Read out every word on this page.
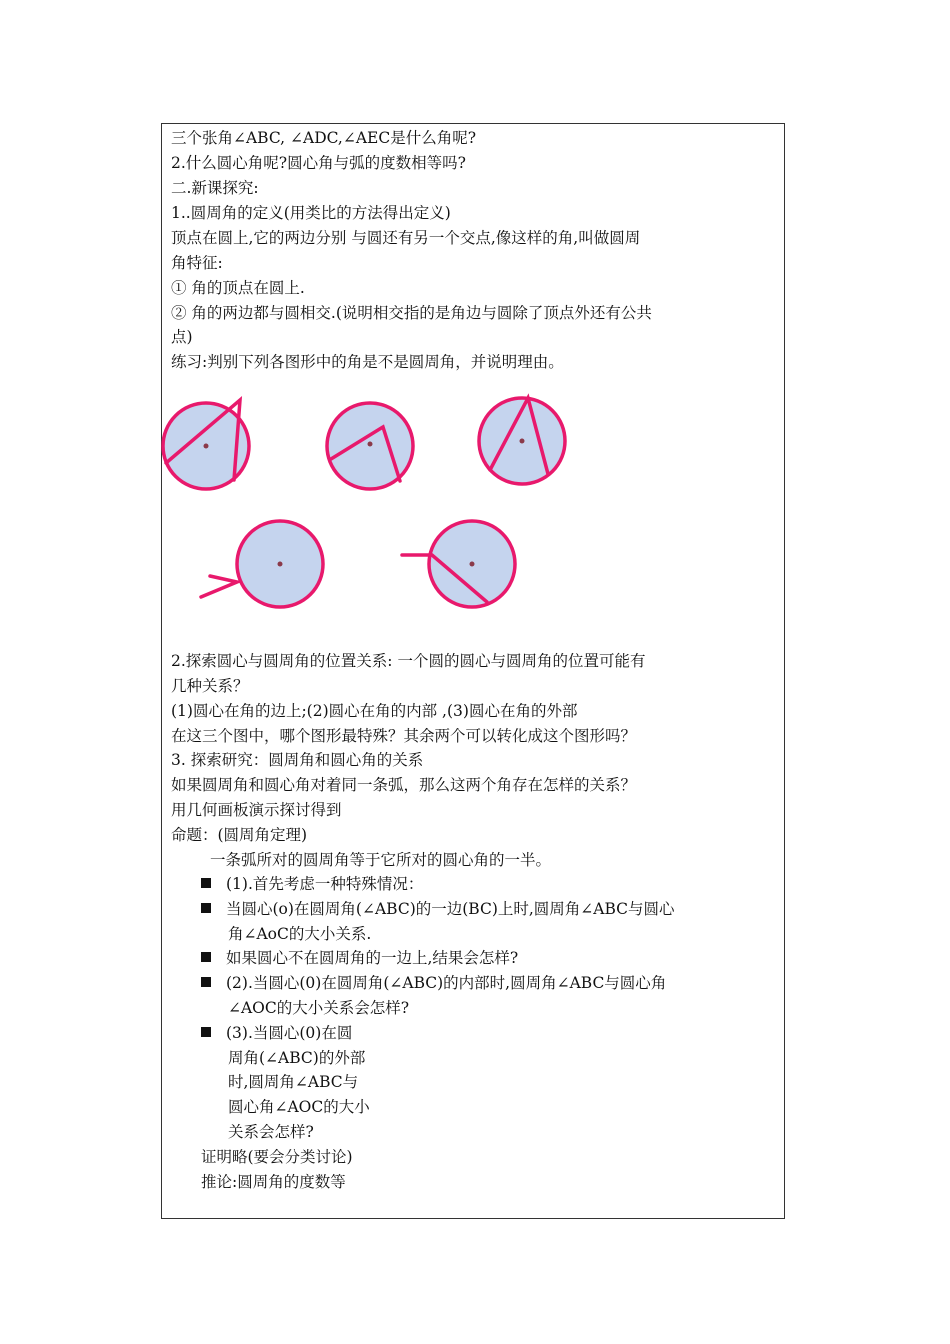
三个张角∠ABC, ∠ADC,∠AEC是什么角呢?
2.什么圆心角呢?圆心角与弧的度数相等吗?
二.新课探究:
1..圆周角的定义(用类比的方法得出定义)
顶点在圆上,它的两边分别 与圆还有另一个交点,像这样的角,叫做圆周
角特征:
① 角的顶点在圆上.
② 角的两边都与圆相交.(说明相交指的是角边与圆除了顶点外还有公共
点)
练习:判别下列各图形中的角是不是圆周角，并说明理由。
2.探索圆心与圆周角的位置关系: 一个圆的圆心与圆周角的位置可能有
几种关系？
(1)圆心在角的边上;(2)圆心在角的内部 ,(3)圆心在角的外部
在这三个图中，哪个图形最特殊？其余两个可以转化成这个图形吗？
3. 探索研究：圆周角和圆心角的关系
如果圆周角和圆心角对着同一条弧，那么这两个角存在怎样的关系？
用几何画板演示探讨得到
命题：(圆周角定理)
一条弧所对的圆周角等于它所对的圆心角的一半。
(1).首先考虑一种特殊情况：
当圆心(o)在圆周角(∠ABC)的一边(BC)上时,圆周角∠ABC与圆心
角∠AoC的大小关系.
如果圆心不在圆周角的一边上,结果会怎样?
(2).当圆心(0)在圆周角(∠ABC)的内部时,圆周角∠ABC与圆心角
∠AOC的大小关系会怎样?
(3).当圆心(0)在圆
周角(∠ABC)的外部
时,圆周角∠ABC与
圆心角∠AOC的大小
关系会怎样?
证明略(要会分类讨论)
推论:圆周角的度数等
